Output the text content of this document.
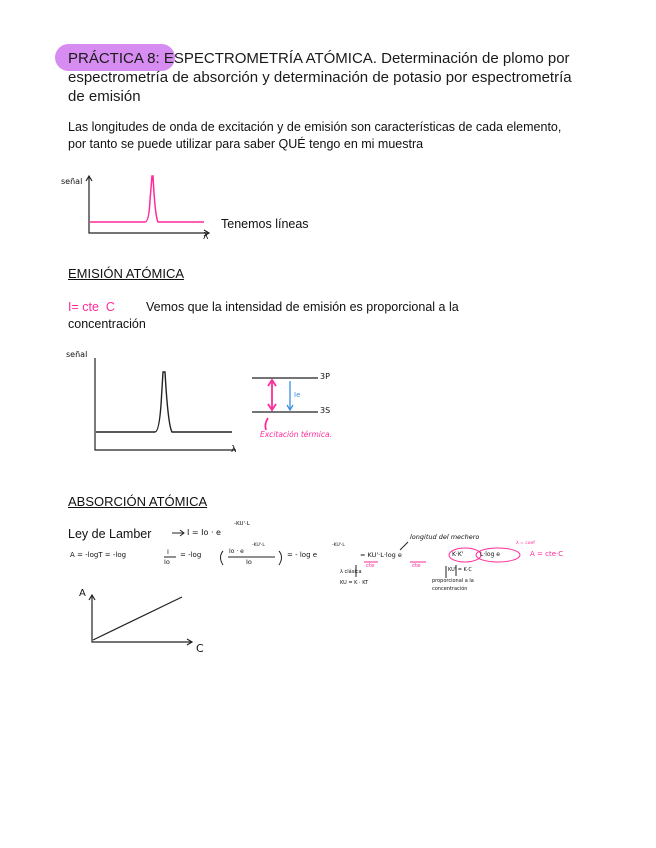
PRÁCTICA 8: ESPECTROMETRÍA ATÓMICA. Determinación de plomo por espectrometría de absorción y determinación de potasio por espectrometría de emisión
Las longitudes de onda de excitación y de emisión son características de cada elemento, por tanto se puede utilizar para saber QUÉ tengo en mi muestra
señal
λ
Tenemos líneas
EMISIÓN ATÓMICA
I= cte  C	Vemos que la intensidad de emisión es proporcional a la concentración
señal
λ
3P
3S
Ie
Excitación térmica.
ABSORCIÓN ATÓMICA
Ley de Lamber	I = Io · e
-KU'·L
A = -logT = -log	I
Io
= -log	Io · e
-KU'·L
Io
= - log e
-KU'·L
= KU'·L·log e	K·K'	L·log e	A = cte·C
longitud del mechero
cte	cte
λ clásica
KU = K · KT
KU' = K·C
proporcional a la concentración
λ = coef
A
C
